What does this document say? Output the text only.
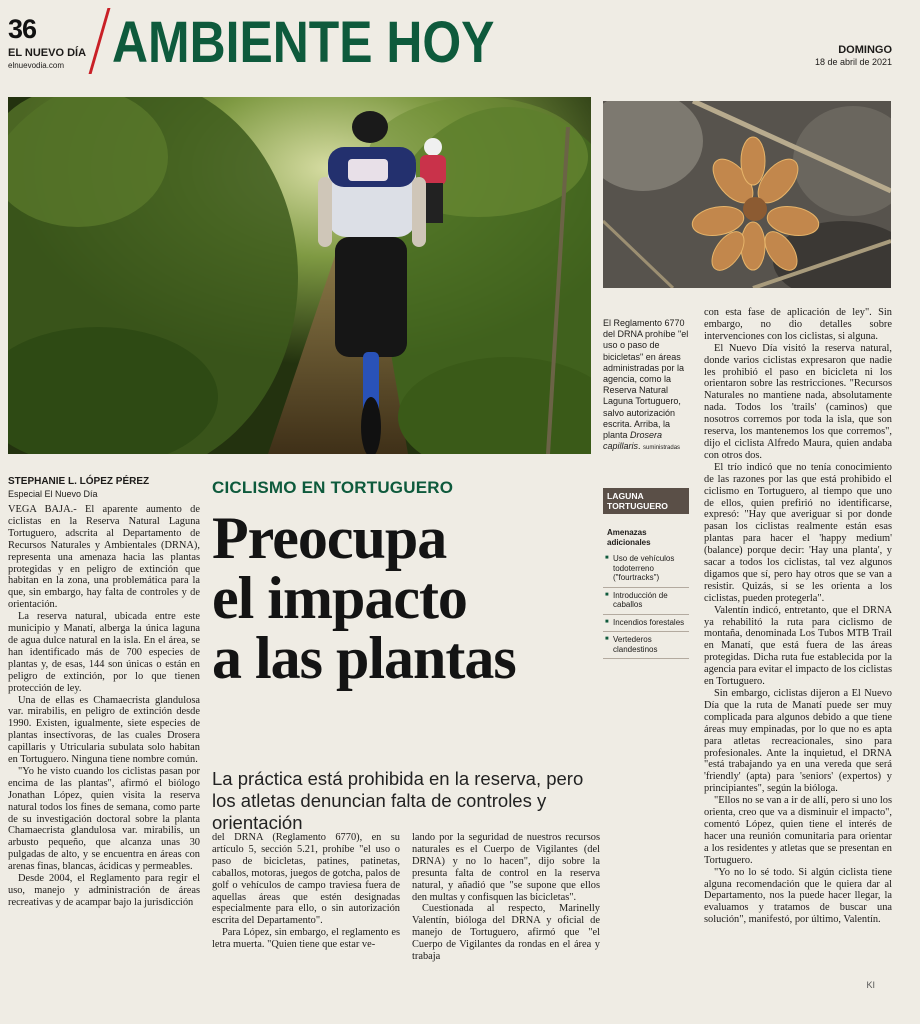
36
EL NUEVO DÍA
elnuevodia.com AMBIENTE HOY	DOMINGO
18 de abril de 2021
El Reglamento 6770 del DRNA prohíbe "el uso o paso de bicicletas" en áreas administradas por la agencia, como la Reserva Natural Laguna Tortuguero, salvo autorización escrita. Arriba, la planta Drosera capillaris. suministradas
STEPHANIE L. LÓPEZ PÉREZ
Especial El Nuevo Día	CICLISMO EN TORTUGUERO
Preocupa
el impacto
a las plantas
La práctica está prohibida en la reserva, pero los atletas denuncian falta de controles y orientación

VEGA BAJA.- El aparente aumento de ciclistas en la Reserva Natural Laguna Tortuguero, adscrita al Departamento de Recursos Naturales y Ambientales (DRNA), representa una amenaza hacia las plantas protegidas y en peligro de extinción que habitan en la zona, una problemática para la que, sin embargo, hay falta de controles y de orientación.

La reserva natural, ubicada entre este municipio y Manatí, alberga la única laguna de agua dulce natural en la isla. En el área, se han identificado más de 700 especies de plantas y, de esas, 144 son únicas o están en peligro de extinción, por lo que tienen protección de ley.

Una de ellas es Chamaecrista glandulosa var. mirabilis, en peligro de extinción desde 1990. Existen, igualmente, siete especies de plantas insectívoras, de las cuales Drosera capillaris y Utricularia subulata solo habitan en Tortuguero. Ninguna tiene nombre común.

"Yo he visto cuando los ciclistas pasan por encima de las plantas", afirmó el biólogo Jonathan López, quien visita la reserva natural todos los fines de semana, como parte de su investigación doctoral sobre la planta Chamaecrista glandulosa var. mirabilis, un arbusto pequeño, que alcanza unas 30 pulgadas de alto, y se encuentra en áreas con arenas finas, blancas, ácidicas y permeables.

Desde 2004, el Reglamento para regir el uso, manejo y administración de áreas recreativas y de acampar bajo la jurisdicción

del DRNA (Reglamento 6770), en su artículo 5, sección 5.21, prohíbe "el uso o paso de bicicletas, patines, patinetas, caballos, motoras, juegos de gotcha, palos de golf o vehículos de campo traviesa fuera de aquellas áreas que estén designadas especialmente para ello, o sin autorización escrita del Departamento".

Para López, sin embargo, el reglamento es letra muerta. "Quien tiene que estar ve-

lando por la seguridad de nuestros recursos naturales es el Cuerpo de Vigilantes (del DRNA) y no lo hacen", dijo sobre la presunta falta de control en la reserva natural, y añadió que "se supone que ellos den multas y confisquen las bicicletas".

Cuestionada al respecto, Marinelly Valentín, bióloga del DRNA y oficial de manejo de Tortuguero, afirmó que "el Cuerpo de Vigilantes da rondas en el área y trabaja

con esta fase de aplicación de ley". Sin embargo, no dio detalles sobre intervenciones con los ciclistas, si alguna.

El Nuevo Día visitó la reserva natural, donde varios ciclistas expresaron que nadie les prohibió el paso en bicicleta ni los orientaron sobre las restricciones. "Recursos Naturales no mantiene nada, absolutamente nada. Todos los 'trails' (caminos) que nosotros corremos por toda la isla, que son reserva, los mantenemos los que corremos", dijo el ciclista Alfredo Maura, quien andaba con otros dos.

El trío indicó que no tenía conocimiento de las razones por las que está prohibido el ciclismo en Tortuguero, al tiempo que uno de ellos, quien prefirió no identificarse, expresó: "Hay que averiguar si por donde pasan los ciclistas realmente están esas plantas para hacer el 'happy medium' (balance) porque decir: 'Hay una planta', y sacar a todos los ciclistas, tal vez algunos digamos que sí, pero hay otros que se van a resistir. Quizás, si se les orienta a los ciclistas, pueden protegerla".

Valentín indicó, entretanto, que el DRNA ya rehabilitó la ruta para ciclismo de montaña, denominada Los Tubos MTB Trail en Manatí, que está fuera de las áreas protegidas. Dicha ruta fue establecida por la agencia para evitar el impacto de los ciclistas en Tortuguero.

Sin embargo, ciclistas dijeron a El Nuevo Día que la ruta de Manatí puede ser muy complicada para algunos debido a que tiene áreas muy empinadas, por lo que no es apta para atletas recreacionales, sino para profesionales. Ante la inquietud, el DRNA "está trabajando ya en una vereda que será 'friendly' (apta) para 'seniors' (expertos) y principiantes", según la bióloga.

"Ellos no se van a ir de allí, pero si uno los orienta, creo que va a disminuir el impacto", comentó López, quien tiene el interés de hacer una reunión comunitaria para orientar a los residentes y atletas que se presentan en Tortuguero.

"Yo no lo sé todo. Si algún ciclista tiene alguna recomendación que le quiera dar al Departamento, nos la puede hacer llegar, la evaluamos y tratamos de buscar una solución", manifestó, por último, Valentín.

LAGUNA TORTUGUERO
Amenazas adicionales
■ Uso de vehículos todoterreno ("fourtracks")
■ Introducción de caballos
■ Incendios forestales
■ Vertederos clandestinos
KI
